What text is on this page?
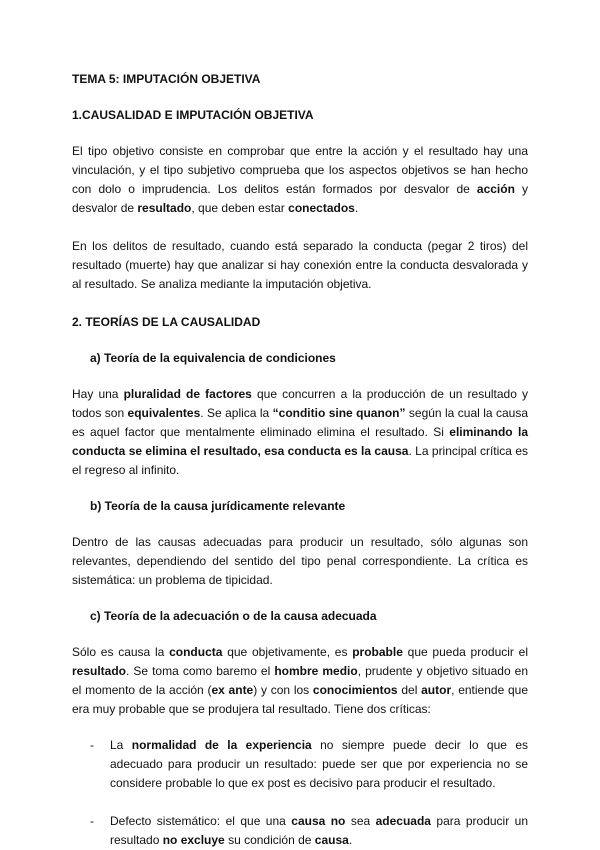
TEMA 5: IMPUTACIÓN OBJETIVA
1.CAUSALIDAD E IMPUTACIÓN OBJETIVA

El tipo objetivo consiste en comprobar que entre la acción y el resultado hay una vinculación, y el tipo subjetivo comprueba que los aspectos objetivos se han hecho con dolo o imprudencia. Los delitos están formados por desvalor de acción y desvalor de resultado, que deben estar conectados.

En los delitos de resultado, cuando está separado la conducta (pegar 2 tiros) del resultado (muerte) hay que analizar si hay conexión entre la conducta desvalorada y al resultado. Se analiza mediante la imputación objetiva.

2. TEORÍAS DE LA CAUSALIDAD
a) Teoría de la equivalencia de condiciones

Hay una pluralidad de factores que concurren a la producción de un resultado y todos son equivalentes. Se aplica la “conditio sine quanon” según la cual la causa es aquel factor que mentalmente eliminado elimina el resultado. Si eliminando la conducta se elimina el resultado, esa conducta es la causa. La principal crítica es el regreso al infinito.

b) Teoría de la causa jurídicamente relevante

Dentro de las causas adecuadas para producir un resultado, sólo algunas son relevantes, dependiendo del sentido del tipo penal correspondiente. La crítica es sistemática: un problema de tipicidad.

c) Teoría de la adecuación o de la causa adecuada

Sólo es causa la conducta que objetivamente, es probable que pueda producir el resultado. Se toma como baremo el hombre medio, prudente y objetivo situado en el momento de la acción (ex ante) y con los conocimientos del autor, entiende que era muy probable que se produjera tal resultado. Tiene dos críticas:

- La normalidad de la experiencia no siempre puede decir lo que es adecuado para producir un resultado: puede ser que por experiencia no se considere probable lo que ex post es decisivo para producir el resultado.
- Defecto sistemático: el que una causa no sea adecuada para producir un resultado no excluye su condición de causa.
